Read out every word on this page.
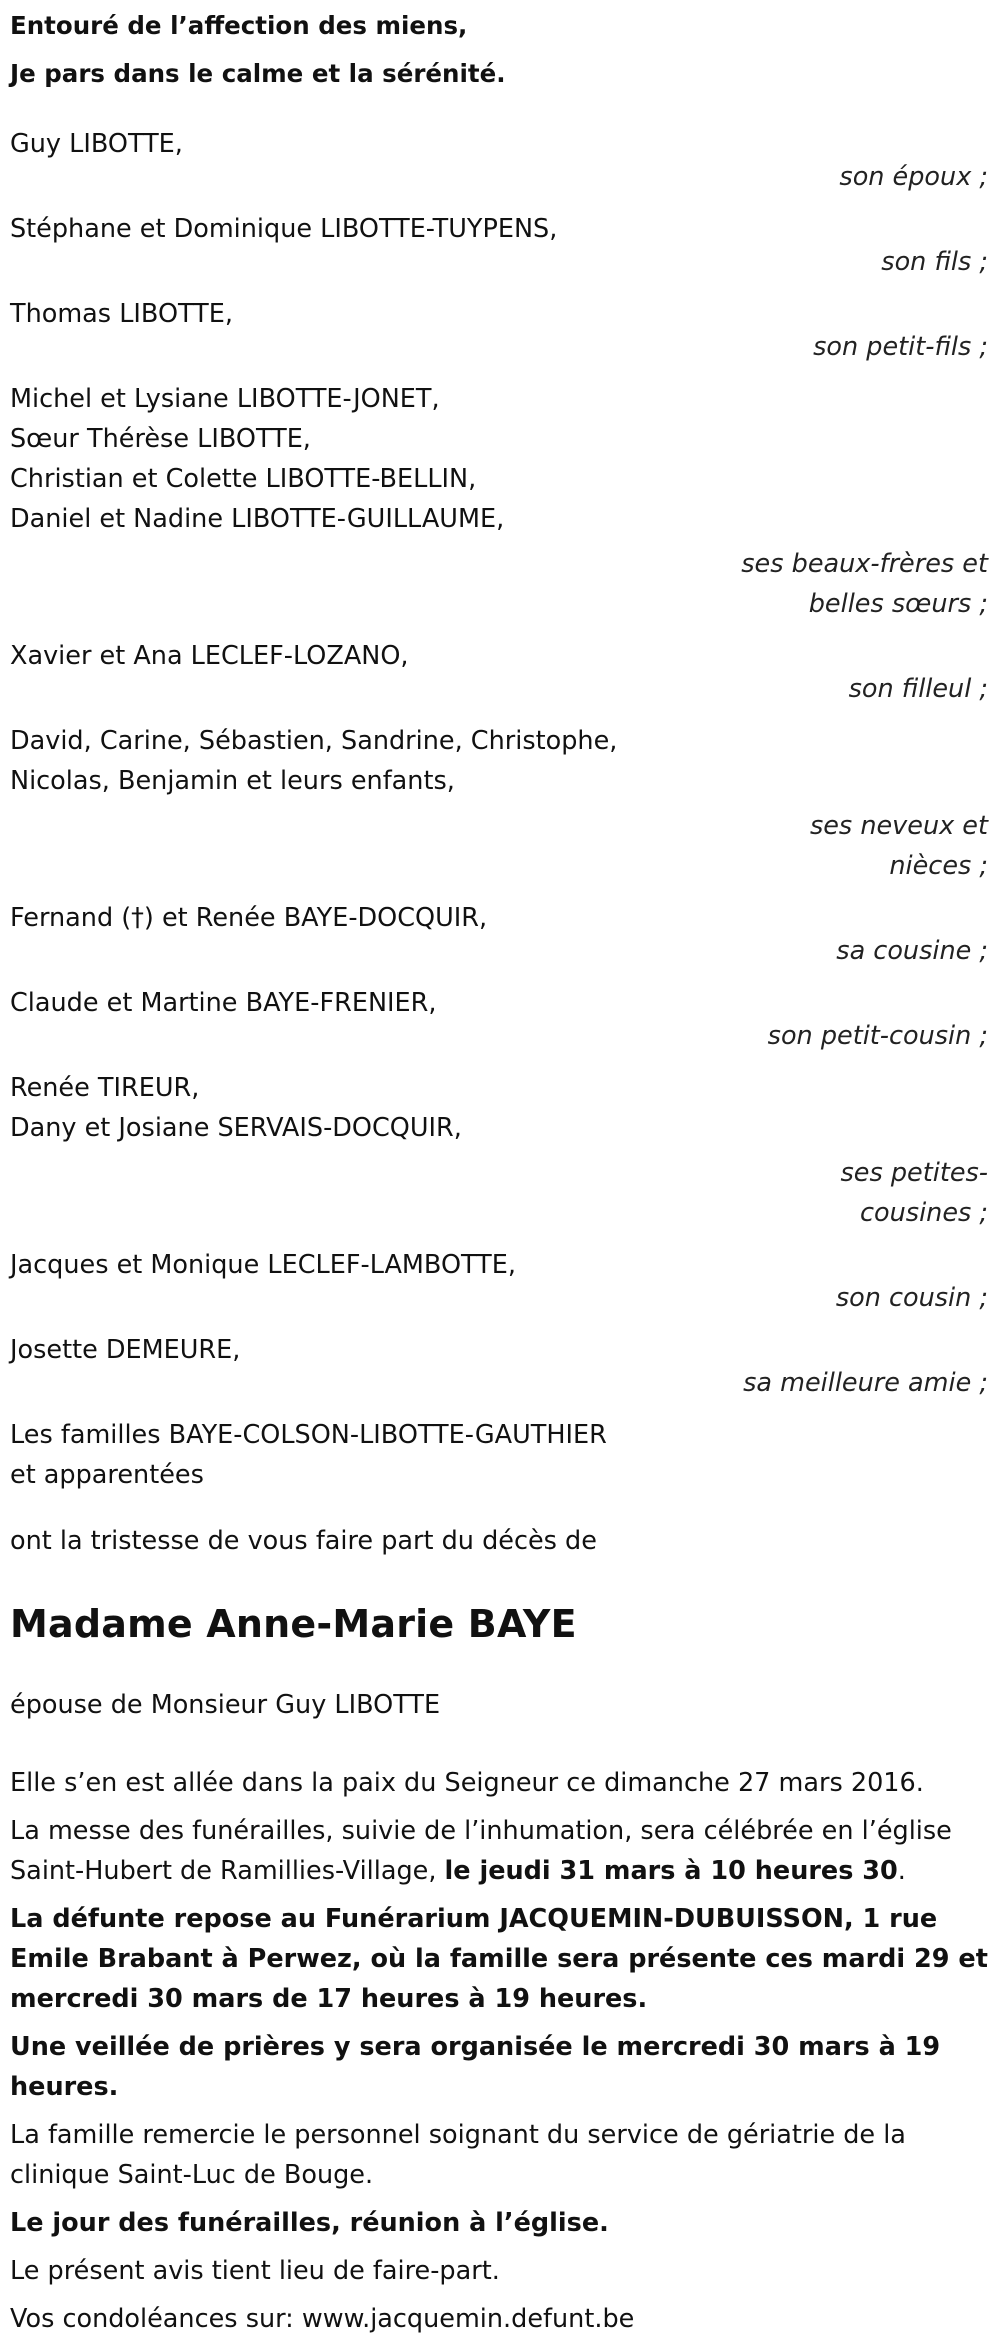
Entouré de l’affection des miens,
Je pars dans le calme et la sérénité.
Guy LIBOTTE,
son époux ;
Stéphane et Dominique LIBOTTE-TUYPENS,
son fils ;
Thomas LIBOTTE,
son petit-fils ;
Michel et Lysiane LIBOTTE-JONET,
Sœur Thérèse LIBOTTE,
Christian et Colette LIBOTTE-BELLIN,
Daniel et Nadine LIBOTTE-GUILLAUME,
ses beaux-frères et belles sœurs ;
Xavier et Ana LECLEF-LOZANO,
son filleul ;
David, Carine, Sébastien, Sandrine, Christophe,
Nicolas, Benjamin et leurs enfants,
ses neveux et nièces ;
Fernand (†) et Renée BAYE-DOCQUIR,
sa cousine ;
Claude et Martine BAYE-FRENIER,
son petit-cousin ;
Renée TIREUR,
Dany et Josiane SERVAIS-DOCQUIR,
ses petites-cousines ;
Jacques et Monique LECLEF-LAMBOTTE,
son cousin ;
Josette DEMEURE,
sa meilleure amie ;
Les familles BAYE-COLSON-LIBOTTE-GAUTHIER
et apparentées
ont la tristesse de vous faire part du décès de
Madame Anne-Marie BAYE
épouse de Monsieur Guy LIBOTTE

Elle s’en est allée dans la paix du Seigneur ce dimanche 27 mars 2016.

La messe des funérailles, suivie de l’inhumation, sera célébrée en l’église Saint-Hubert de Ramillies-Village, le jeudi 31 mars à 10 heures 30.

La défunte repose au Funérarium JACQUEMIN-DUBUISSON, 1 rue Emile Brabant à Perwez, où la famille sera présente ces mardi 29 et mercredi 30 mars de 17 heures à 19 heures.

Une veillée de prières y sera organisée le mercredi 30 mars à 19 heures.

La famille remercie le personnel soignant du service de gériatrie de la clinique Saint-Luc de Bouge.

Le jour des funérailles, réunion à l’église.

Le présent avis tient lieu de faire-part.

Vos condoléances sur: www.jacquemin.defunt.be
